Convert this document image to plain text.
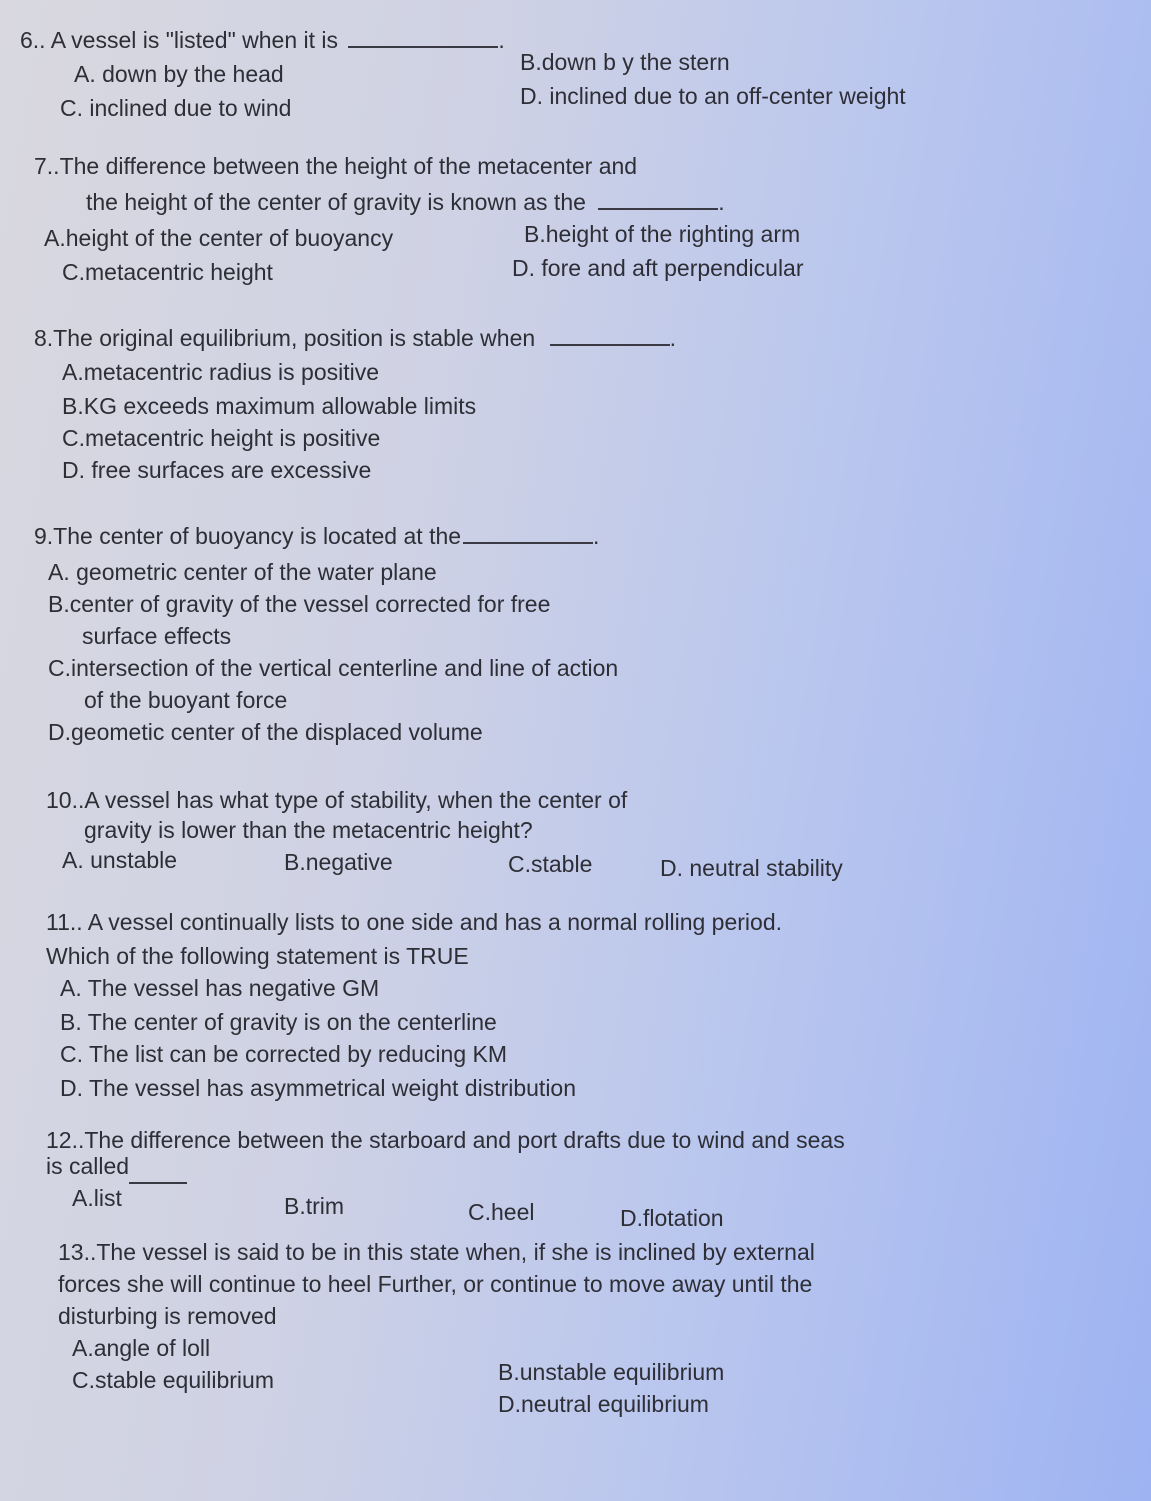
6.. A vessel is "listed" when it is	.
A. down by the head	B.down b y the stern
C. inclined due to wind	D. inclined due to an off-center weight
7..The difference between the height of the metacenter and
the height of the center of gravity is known as the	.
A.height of the center of buoyancy	B.height of the righting arm
C.metacentric height	D. fore and aft perpendicular
8.The original equilibrium, position is stable when	.
A.metacentric radius is positive
B.KG exceeds maximum allowable limits
C.metacentric height is positive
D. free surfaces are excessive
9.The center of buoyancy is located at the	.
A. geometric center of the water plane
B.center of gravity of the vessel corrected for free
surface effects
C.intersection of the vertical centerline and line of action
of the buoyant force
D.geometic center of the displaced volume
10..A vessel has what type of stability, when the center of
gravity is lower than the metacentric height?
A. unstable	B.negative	C.stable	D. neutral stability
11.. A vessel continually lists to one side and has a normal rolling period.
Which of the following statement is TRUE
A. The vessel has negative GM
B. The center of gravity is on the centerline
C. The list can be corrected by reducing KM
D. The vessel has asymmetrical weight distribution
12..The difference between the starboard and port drafts due to wind and seas
is called
A.list	B.trim	C.heel	D.flotation
13..The vessel is said to be in this state when, if she is inclined by external
forces she will continue to heel Further, or continue to move away until the
disturbing is removed
A.angle of loll
B.unstable equilibrium
C.stable equilibrium
D.neutral equilibrium
